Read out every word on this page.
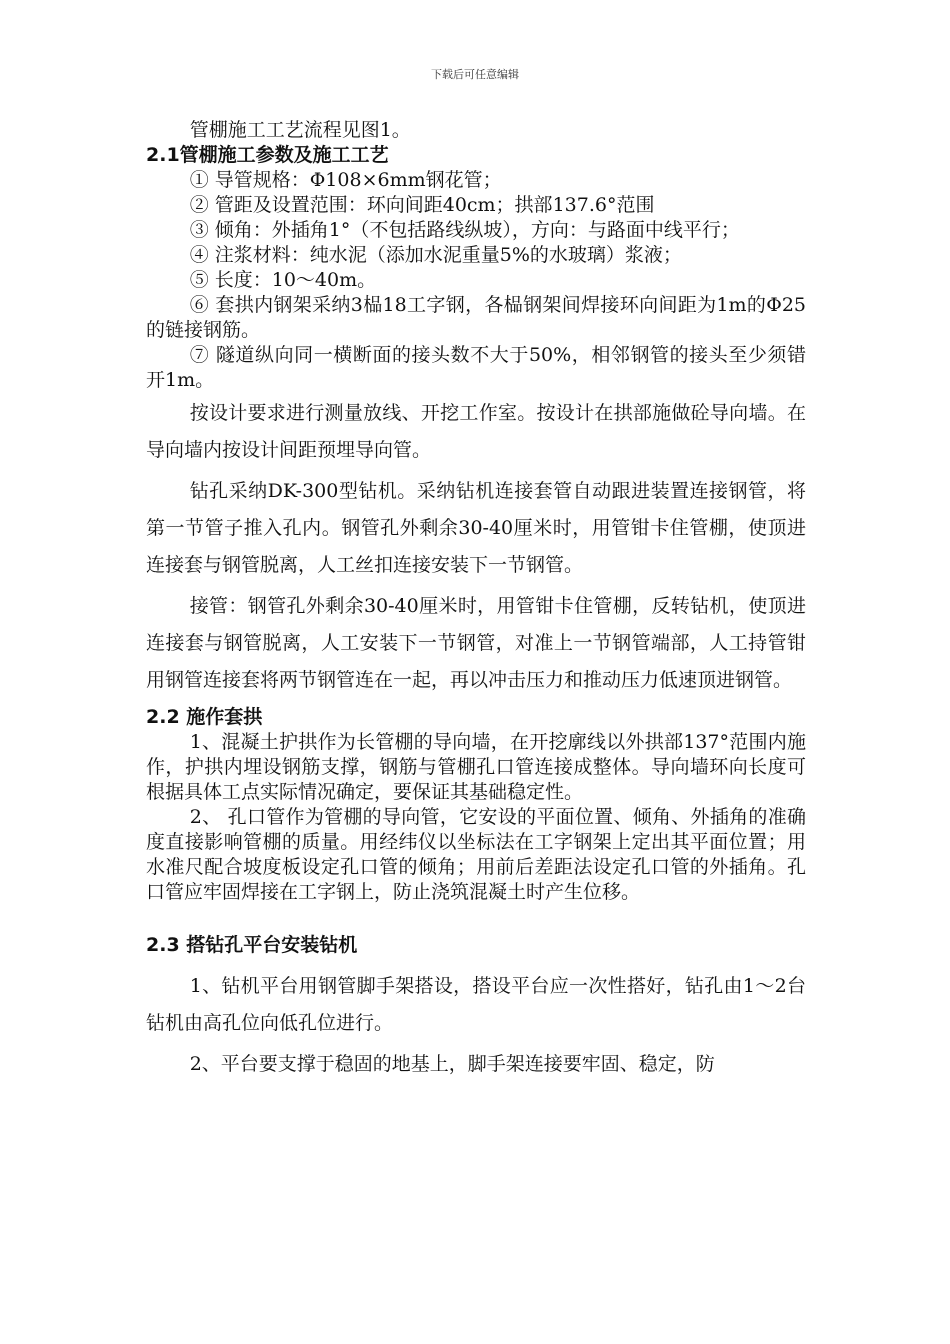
下载后可任意编辑

管棚施工工艺流程见图1。

2.1管棚施工参数及施工工艺

① 导管规格：Φ108×6mm钢花管；

② 管距及设置范围：环向间距40cm；拱部137.6°范围

③ 倾角：外插角1°（不包括路线纵坡），方向：与路面中线平行；

④ 注浆材料：纯水泥（添加水泥重量5%的水玻璃）浆液；

⑤ 长度：10～40m。

⑥ 套拱内钢架采纳3榀18工字钢，各榀钢架间焊接环向间距为1m的Φ25的链接钢筋。

⑦ 隧道纵向同一横断面的接头数不大于50%，相邻钢管的接头至少须错开1m。

按设计要求进行测量放线、开挖工作室。按设计在拱部施做砼导向墙。在导向墙内按设计间距预埋导向管。

钻孔采纳DK-300型钻机。采纳钻机连接套管自动跟进装置连接钢管，将第一节管子推入孔内。钢管孔外剩余30-40厘米时，用管钳卡住管棚，使顶进连接套与钢管脱离，人工丝扣连接安装下一节钢管。

接管：钢管孔外剩余30-40厘米时，用管钳卡住管棚，反转钻机，使顶进连接套与钢管脱离，人工安装下一节钢管，对准上一节钢管端部，人工持管钳用钢管连接套将两节钢管连在一起，再以冲击压力和推动压力低速顶进钢管。

2.2 施作套拱

1、混凝土护拱作为长管棚的导向墙，在开挖廓线以外拱部137°范围内施作，护拱内埋设钢筋支撑，钢筋与管棚孔口管连接成整体。导向墙环向长度可根据具体工点实际情况确定，要保证其基础稳定性。

2、 孔口管作为管棚的导向管，它安设的平面位置、倾角、外插角的准确度直接影响管棚的质量。用经纬仪以坐标法在工字钢架上定出其平面位置；用水准尺配合坡度板设定孔口管的倾角；用前后差距法设定孔口管的外插角。孔口管应牢固焊接在工字钢上，防止浇筑混凝土时产生位移。

2.3 搭钻孔平台安装钻机

1、钻机平台用钢管脚手架搭设，搭设平台应一次性搭好，钻孔由1～2台钻机由高孔位向低孔位进行。

2、平台要支撑于稳固的地基上，脚手架连接要牢固、稳定，防
